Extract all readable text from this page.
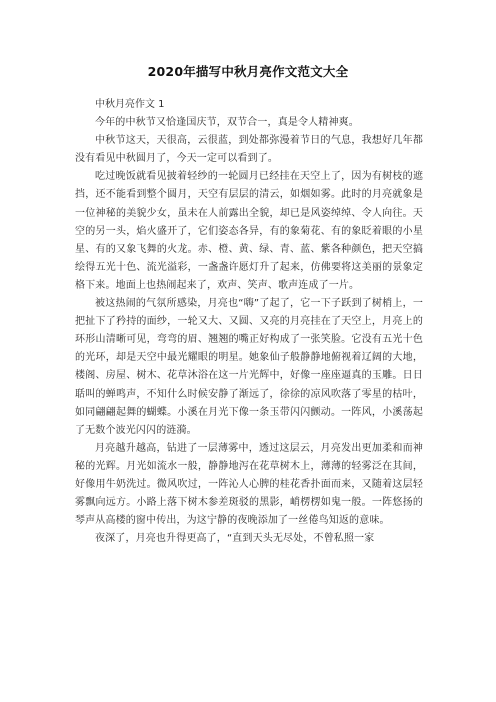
2020年描写中秋月亮作文范文大全

中秋月亮作文 1

今年的中秋节又恰逢国庆节，双节合一，真是令人精神爽。

中秋节这天，天很高，云很蓝，到处都弥漫着节日的气息，我想好几年都没有看见中秋圆月了，今天一定可以看到了。

吃过晚饭就看见披着轻纱的一轮圆月已经挂在天空上了，因为有树枝的遮挡，还不能看到整个圆月，天空有层层的清云，如烟如雾。此时的月亮就象是一位神秘的美貌少女，虽未在人前露出全貌，却已是风姿绰绰、令人向往。天空的另一头，焰火盛开了，它们姿态各异，有的象菊花、有的象眨着眼的小星星、有的又象飞舞的火龙。赤、橙、黄、绿、青、蓝、紫各种颜色，把天空搞绘得五光十色、流光溢彩，一盏盏许愿灯升了起来，仿佛要将这美丽的景象定格下来。地面上也热闹起来了，欢声、笑声、歌声连成了一片。

被这热闹的气氛所感染，月亮也“嗨”了起了，它一下子跃到了树梢上，一把扯下了矜持的面纱，一轮又大、又圆、又亮的月亮挂在了天空上，月亮上的环形山清晰可见，弯弯的眉、翘翘的嘴正好构成了一张笑脸。它没有五光十色的光环，却是天空中最光耀眼的明星。她象仙子般静静地俯视着辽阔的大地，楼阁、房屋、树木、花草沐浴在这一片光辉中，好像一座座逼真的玉雕。日日聒叫的蝉鸣声，不知什么时候安静了渐远了，徐徐的凉风吹落了零星的枯叶，如同翩翩起舞的蝴蝶。小溪在月光下像一条玉带闪闪颤动。一阵风，小溪荡起了无数个波光闪闪的涟漪。

月亮越升越高，钻进了一层薄雾中，透过这层云，月亮发出更加柔和而神秘的光辉。月光如流水一般，静静地泻在花草树木上，薄薄的轻雾泛在其间，好像用牛奶洗过。微风吹过，一阵沁人心脾的桂花香扑面而来，又随着这层轻雾飘向远方。小路上落下树木参差斑驳的黑影，峭楞楞如鬼一般。一阵悠扬的琴声从高楼的窗中传出，为这宁静的夜晚添加了一丝倦鸟知返的意味。

夜深了，月亮也升得更高了，“直到天头无尽处，不曾私照一家
